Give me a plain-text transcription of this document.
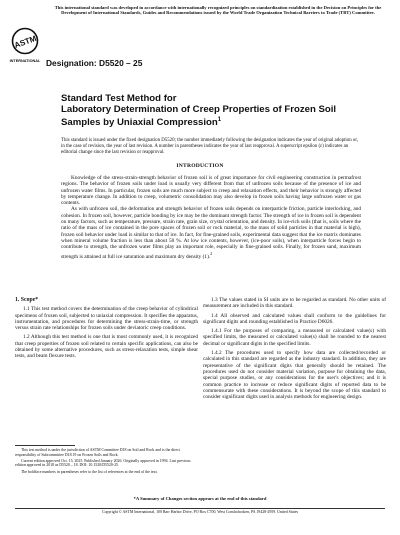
This international standard was developed in accordance with internationally recognized principles on standardization established in the Decision on Principles for the Development of International Standards, Guides and Recommendations issued by the World Trade Organization Technical Barriers to Trade (TBT) Committee.
ASTM
INTERNATIONAL Designation: D5520 – 25
Standard Test Method for
Laboratory Determination of Creep Properties of Frozen Soil
Samples by Uniaxial Compression$^1$
This standard is issued under the fixed designation D5520; the number immediately following the designation indicates the year of original adoption or, in the case of revision, the year of last revision. A number in parentheses indicates the year of last reapproval. A superscript epsilon (ε) indicates an editorial change since the last revision or reapproval.
INTRODUCTION

Knowledge of the stress-strain-strength behavior of frozen soil is of great importance for civil engineering construction in permafrost regions. The behavior of frozen soils under load is usually very different from that of unfrozen soils because of the presence of ice and unfrozen water films. In particular, frozen soils are much more subject to creep and relaxation effects, and their behavior is strongly affected by temperature change. In addition to creep, volumetric consolidation may also develop in frozen soils having large unfrozen water or gas contents.

As with unfrozen soil, the deformation and strength behavior of frozen soils depends on interparticle friction, particle interlocking, and cohesion. In frozen soil, however, particle bonding by ice may be the dominant strength factor. The strength of ice in frozen soil is dependent on many factors, such as temperature, pressure, strain rate, grain size, crystal orientation, and density. In ice-rich soils (that is, soils where the ratio of the mass of ice contained in the pore spaces of frozen soil or rock material, to the mass of solid particles in that material is high), frozen soil behavior under load is similar to that of ice. In fact, for fine-grained soils, experimental data suggest that the ice matrix dominates when mineral volume fraction is less than about 50 %. At low ice contents, however, (ice-poor soils), when interparticle forces begin to contribute to strength, the unfrozen water films play an important role, especially in fine-grained soils. Finally, for frozen sand, maximum strength is attained at full ice saturation and maximum dry density (1).$^2$

1. Scope*

1.1 This test method covers the determination of the creep behavior of cylindrical specimens of frozen soil, subjected to uniaxial compression. It specifies the apparatus, instrumentation, and procedures for determining the stress-strain-time, or strength versus strain rate relationships for frozen soils under deviatoric creep conditions.

1.2 Although this test method is one that is most commonly used, it is recognized that creep properties of frozen soil related to certain specific applications, can also be obtained by some alternative procedures, such as stress-relaxation tests, simple shear tests, and beam flexure tests.

1.3 The values stated in SI units are to be regarded as standard. No other units of measurement are included in this standard.

1.4 All observed and calculated values shall conform to the guidelines for significant digits and rounding established in Practice D6026.

1.4.1 For the purposes of comparing, a measured or calculated value(s) with specified limits, the measured or calculated value(s) shall be rounded to the nearest decimal or significant digits in the specified limits.

1.4.2 The procedures used to specify how data are collected/recorded or calculated in this standard are regarded as the industry standard. In addition, they are representative of the significant digits that generally should be retained. The procedures used do not consider material variation, purpose for obtaining the data, special purpose studies, or any considerations for the user's objectives; and it is common practice to increase or reduce significant digits of reported data to be commensurate with these considerations. It is beyond the scope of this standard to consider significant digits used in analysis methods for engineering design.

This test method is under the jurisdiction of ASTM Committee D18 on Soil and Rock and is the direct responsibility of Subcommittee D18.19 on Frozen Soils and Rock.

Current edition approved Oct. 15, 2025. Published January 2026. Originally approved in 1994. Last previous edition approved in 2018 as D5520 – 18. DOI: 10.1520/D5520-25.

The boldface numbers in parentheses refer to the list of references at the end of the text.

*A Summary of Changes section appears at the end of this standard
Copyright © ASTM International, 100 Barr Harbor Drive, PO Box C700, West Conshohocken, PA 19428-2959. United States
